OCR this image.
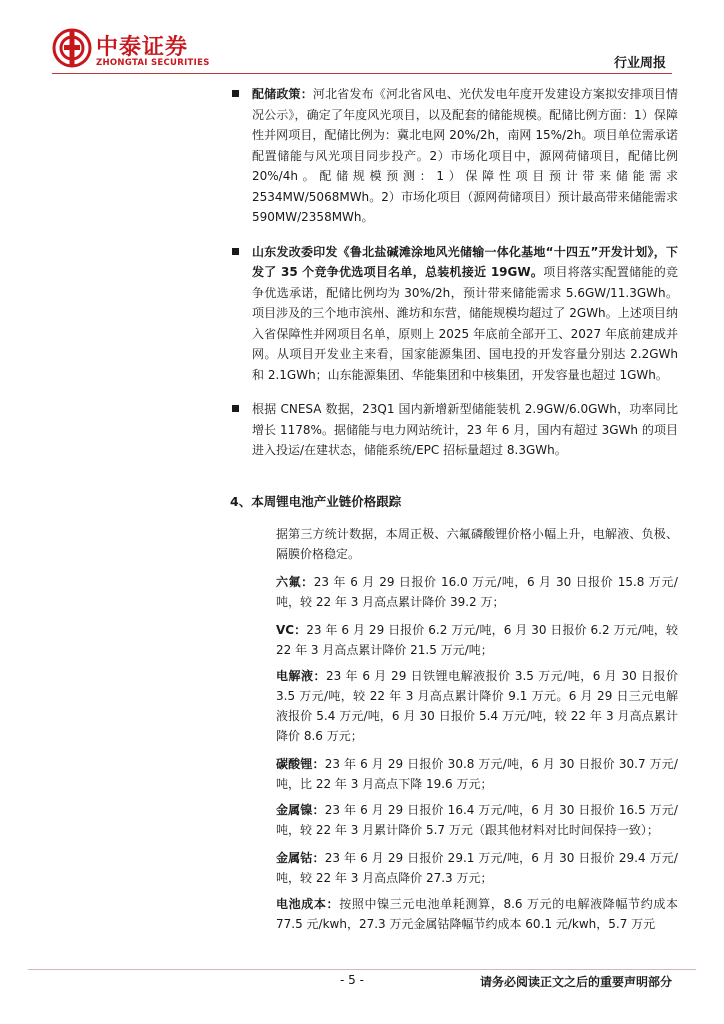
中泰证券
ZHONGTAI SECURITIES	行业周报
配储政策：河北省发布《河北省风电、光伏发电年度开发建设方案拟安排项目情况公示》，确定了年度风光项目，以及配套的储能规模。配储比例方面：1）保障性并网项目，配储比例为：冀北电网 20%/2h，南网 15%/2h。项目单位需承诺配置储能与风光项目同步投产。2）市场化项目中，源网荷储项目，配储比例 20%/4h。配储规模预测：1）保障性项目预计带来储能需求 2534MW/5068MWh。2）市场化项目（源网荷储项目）预计最高带来储能需求 590MW/2358MWh。
山东发改委印发《鲁北盐碱滩涂地风光储输一体化基地“十四五”开发计划》，下发了 35 个竞争优选项目名单，总装机接近 19GW。项目将落实配置储能的竞争优选承诺，配储比例均为 30%/2h，预计带来储能需求 5.6GW/11.3GWh。项目涉及的三个地市滨州、潍坊和东营，储能规模均超过了 2GWh。上述项目纳入省保障性并网项目名单，原则上 2025 年底前全部开工、2027 年底前建成并网。从项目开发业主来看，国家能源集团、国电投的开发容量分别达 2.2GWh 和 2.1GWh；山东能源集团、华能集团和中核集团，开发容量也超过 1GWh。
根据 CNESA 数据，23Q1 国内新增新型储能装机 2.9GW/6.0GWh，功率同比增长 1178%。据储能与电力网站统计，23 年 6 月，国内有超过 3GWh 的项目进入投运/在建状态，储能系统/EPC 招标量超过 8.3GWh。
4、本周锂电池产业链价格跟踪
据第三方统计数据，本周正极、六氟磷酸锂价格小幅上升，电解液、负极、隔膜价格稳定。
六氟：23 年 6 月 29 日报价 16.0 万元/吨，6 月 30 日报价 15.8 万元/吨，较 22 年 3 月高点累计降价 39.2 万；
VC：23 年 6 月 29 日报价 6.2 万元/吨，6 月 30 日报价 6.2 万元/吨，较 22 年 3 月高点累计降价 21.5 万元/吨；
电解液：23 年 6 月 29 日铁锂电解液报价 3.5 万元/吨，6 月 30 日报价 3.5 万元/吨，较 22 年 3 月高点累计降价 9.1 万元。6 月 29 日三元电解液报价 5.4 万元/吨，6 月 30 日报价 5.4 万元/吨，较 22 年 3 月高点累计降价 8.6 万元；
碳酸锂：23 年 6 月 29 日报价 30.8 万元/吨，6 月 30 日报价 30.7 万元/吨，比 22 年 3 月高点下降 19.6 万元；
金属镍：23 年 6 月 29 日报价 16.4 万元/吨，6 月 30 日报价 16.5 万元/吨，较 22 年 3 月累计降价 5.7 万元（跟其他材料对比时间保持一致）；
金属钴：23 年 6 月 29 日报价 29.1 万元/吨，6 月 30 日报价 29.4 万元/吨，较 22 年 3 月高点降价 27.3 万元；
电池成本：按照中镍三元电池单耗测算，8.6 万元的电解液降幅节约成本 77.5 元/kwh，27.3 万元金属钴降幅节约成本 60.1 元/kwh，5.7 万元
- 5 -	请务必阅读正文之后的重要声明部分
